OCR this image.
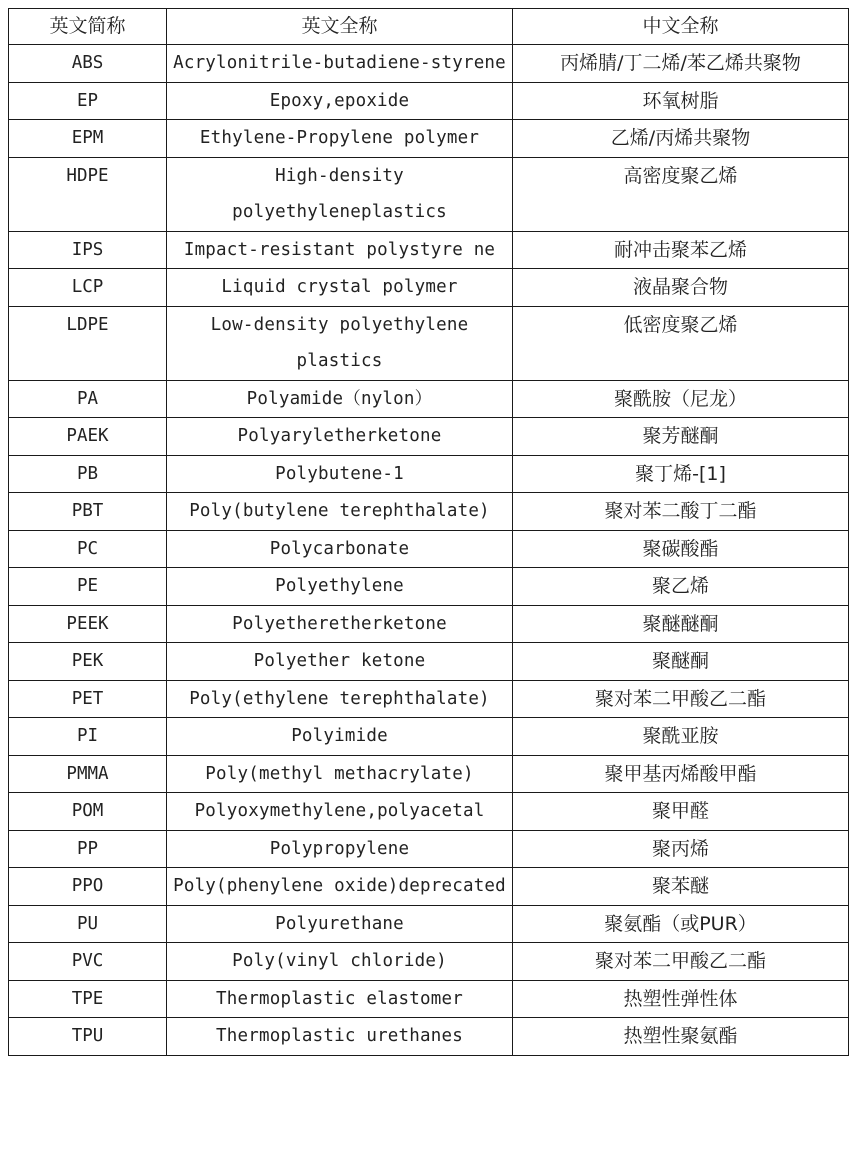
英文简称	英文全称	中文全称
ABS	Acrylonitrile-butadiene-styrene	丙烯腈/丁二烯/苯乙烯共聚物
EP	Epoxy,epoxide	环氧树脂
EPM	Ethylene-Propylene polymer	乙烯/丙烯共聚物
HDPE	High-density polyethyleneplastics	高密度聚乙烯
IPS	Impact-resistant polystyre ne	耐冲击聚苯乙烯
LCP	Liquid crystal polymer	液晶聚合物
LDPE	Low-density polyethylene plastics	低密度聚乙烯
PA	Polyamide（nylon）	聚酰胺（尼龙）
PAEK	Polyaryletherketone	聚芳醚酮
PB	Polybutene-1	聚丁烯-[1]
PBT	Poly(butylene terephthalate)	聚对苯二酸丁二酯
PC	Polycarbonate	聚碳酸酯
PE	Polyethylene	聚乙烯
PEEK	Polyetheretherketone	聚醚醚酮
PEK	Polyether ketone	聚醚酮
PET	Poly(ethylene terephthalate)	聚对苯二甲酸乙二酯
PI	Polyimide	聚酰亚胺
PMMA	Poly(methyl methacrylate)	聚甲基丙烯酸甲酯
POM	Polyoxymethylene,polyacetal	聚甲醛
PP	Polypropylene	聚丙烯
PPO	Poly(phenylene oxide)deprecated	聚苯醚
PU	Polyurethane	聚氨酯（或PUR）
PVC	Poly(vinyl chloride)	聚对苯二甲酸乙二酯
TPE	Thermoplastic elastomer	热塑性弹性体
TPU	Thermoplastic urethanes	热塑性聚氨酯
